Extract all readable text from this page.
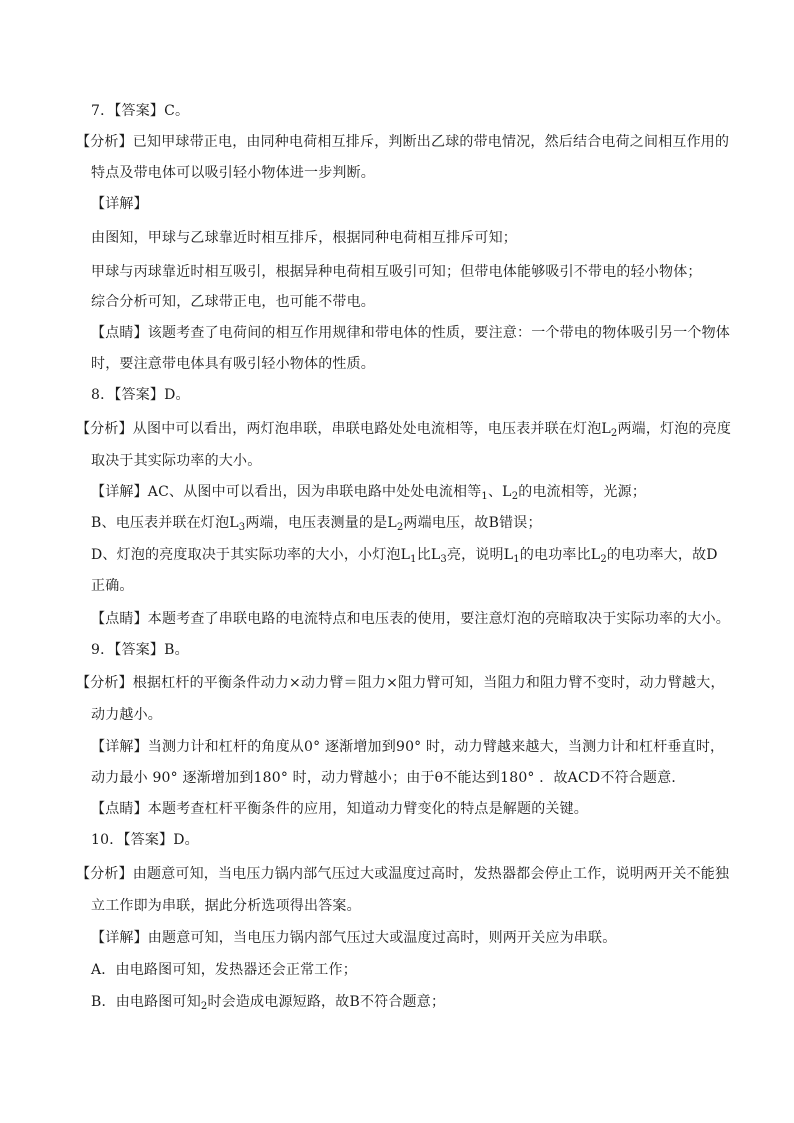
7．【答案】C。
【分析】已知甲球带正电，由同种电荷相互排斥，判断出乙球的带电情况，然后结合电荷之间相互作用的
特点及带电体可以吸引轻小物体进一步判断。
【详解】
由图知，甲球与乙球靠近时相互排斥，根据同种电荷相互排斥可知；
甲球与丙球靠近时相互吸引，根据异种电荷相互吸引可知；但带电体能够吸引不带电的轻小物体；
综合分析可知，乙球带正电，也可能不带电。
【点睛】该题考查了电荷间的相互作用规律和带电体的性质，要注意：一个带电的物体吸引另一个物体
时，要注意带电体具有吸引轻小物体的性质。
8．【答案】D。
【分析】从图中可以看出，两灯泡串联，串联电路处处电流相等，电压表并联在灯泡$L_2$两端，灯泡的亮度
取决于其实际功率的大小。
【详解】AC、从图中可以看出，因为串联电路中处处电流相等$_1$、$L_2$的电流相等，光源；
B、电压表并联在灯泡$L_3$两端，电压表测量的是$L_2$两端电压，故B错误；
D、灯泡的亮度取决于其实际功率的大小，小灯泡$L_1$比$L_3$亮，说明$L_1$的电功率比$L_2$的电功率大，故D
正确。
【点睛】本题考查了串联电路的电流特点和电压表的使用，要注意灯泡的亮暗取决于实际功率的大小。
9．【答案】B。
【分析】根据杠杆的平衡条件动力×动力臂＝阻力×阻力臂可知，当阻力和阻力臂不变时，动力臂越大，
动力越小。
【详解】当测力计和杠杆的角度从0° 逐渐增加到90° 时，动力臂越来越大，当测力计和杠杆垂直时，
动力最小 90° 逐渐增加到180° 时，动力臂越小；由于θ不能达到180° ．故ACD不符合题意．
【点睛】本题考查杠杆平衡条件的应用，知道动力臂变化的特点是解题的关键。
10．【答案】D。
【分析】由题意可知，当电压力锅内部气压过大或温度过高时，发热器都会停止工作，说明两开关不能独
立工作即为串联，据此分析选项得出答案。
【详解】由题意可知，当电压力锅内部气压过大或温度过高时，则两开关应为串联。
A．由电路图可知，发热器还会正常工作；
B．由电路图可知$_2$时会造成电源短路，故B不符合题意；
